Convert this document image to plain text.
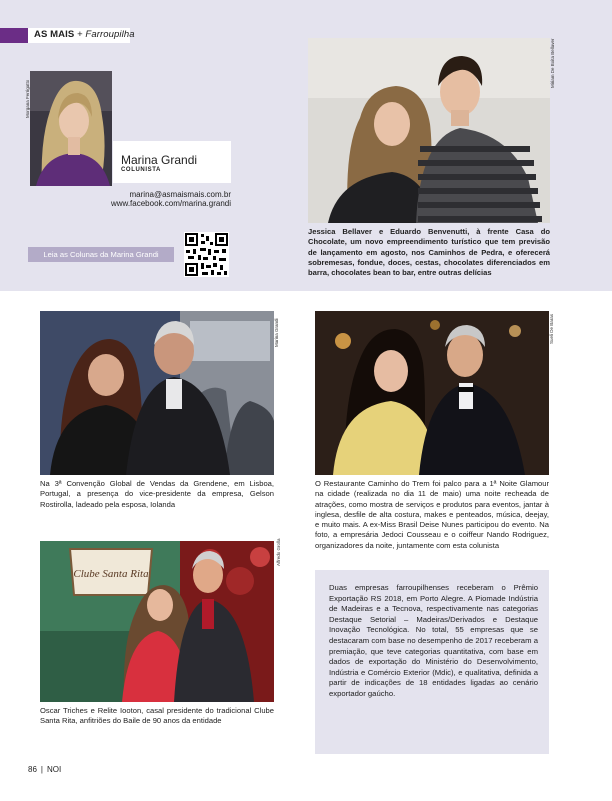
AS MAIS + Farroupilha
Morgana Ferrigatto
Marina Grandi
COLUNISTA
marina@asmaismais.com.br
www.facebook.com/marina.grandi
Leia as Colunas da Marina Grandi
Miriam De Boita Bellaver
Jessica Bellaver e Eduardo Benvenutti, à frente Casa do Chocolate, um novo empreendimento turístico que tem previsão de lançamento em agosto, nos Caminhos de Pedra, e oferecerá sobremesas, fondue, doces, cestas, chocolates diferenciados em barra, chocolates bean to bar, entre outras delícias
Marina Grandi
Na 3ª Convenção Global de Vendas da Grendene, em Lisboa, Portugal, a presença do vice-presidente da empresa, Gelson Rostirolla, ladeado pela esposa, Iolanda
Sueli De Baras
O Restaurante Caminho do Trem foi palco para a 1ª Noite Glamour na cidade (realizada no dia 11 de maio) uma noite recheada de atrações, como mostra de serviços e produtos para eventos, jantar à inglesa, desfile de alta costura, makes e penteados, música, deejay, e muito mais. A ex-Miss Brasil Deise Nunes participou do evento. Na foto, a empresária Jedoci Cousseau e o coiffeur Nando Rodriguez, organizadores da noite, juntamente com esta colunista
Clube Santa Rita
Alfredo Grolla
Oscar Triches e Relite Iooton, casal presidente do tradicional Clube Santa Rita, anfitriões do Baile de 90 anos da entidade
Duas empresas farroupilhenses receberam o Prêmio Exportação RS 2018, em Porto Alegre. A Piomade Indústria de Madeiras e a Tecnova, respectivamente nas categorias Destaque Setorial – Madeiras/Derivados e Destaque Inovação Tecnológica. No total, 55 empresas que se destacaram com base no desempenho de 2017 receberam a premiação, que teve categorias quantitativa, com base em dados de exportação do Ministério do Desenvolvimento, Indústria e Comércio Exterior (Mdic), e qualitativa, definida a partir de indicações de 18 entidades ligadas ao cenário exportador gaúcho.
86 | NOI
